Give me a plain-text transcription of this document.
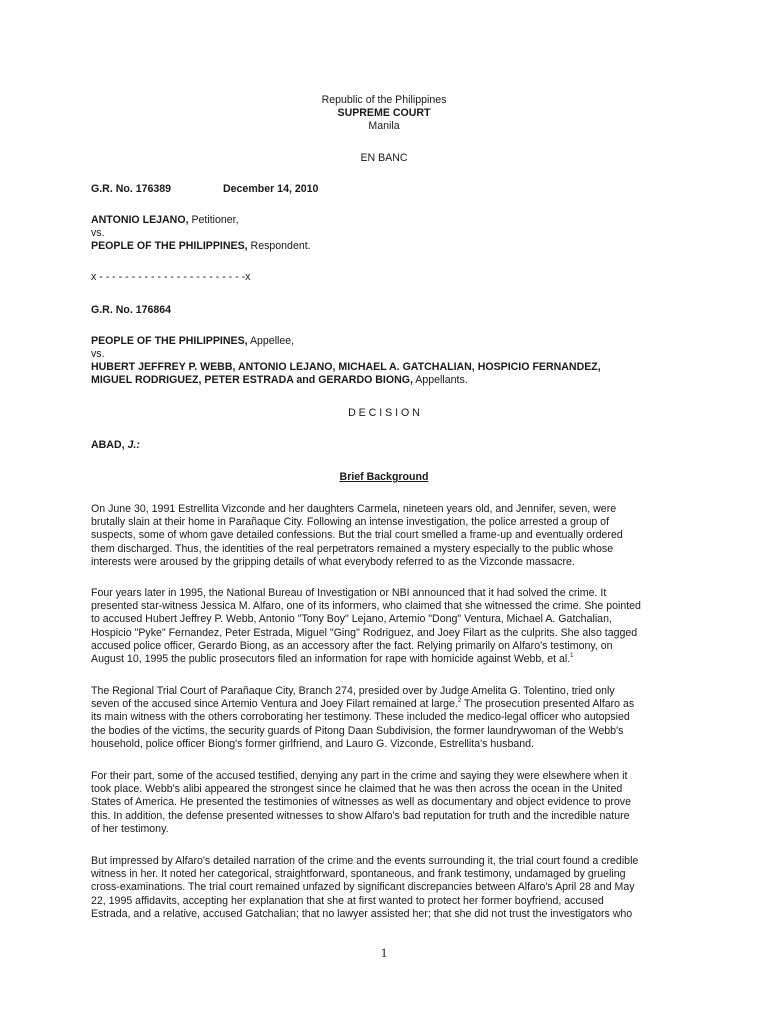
Republic of the Philippines
SUPREME COURT
Manila
EN BANC
G.R. No. 176389	December 14, 2010
ANTONIO LEJANO, Petitioner,
vs.
PEOPLE OF THE PHILIPPINES, Respondent.
x - - - - - - - - - - - - - - - - - - - - - - -x
G.R. No. 176864
PEOPLE OF THE PHILIPPINES, Appellee,
vs.
HUBERT JEFFREY P. WEBB, ANTONIO LEJANO, MICHAEL A. GATCHALIAN, HOSPICIO FERNANDEZ,
MIGUEL RODRIGUEZ, PETER ESTRADA and GERARDO BIONG, Appellants.
D E C I S I O N
ABAD, J.:
Brief Background

On June 30, 1991 Estrellita Vizconde and her daughters Carmela, nineteen years old, and Jennifer, seven, were

brutally slain at their home in Parañaque City. Following an intense investigation, the police arrested a group of

suspects, some of whom gave detailed confessions. But the trial court smelled a frame-up and eventually ordered

them discharged. Thus, the identities of the real perpetrators remained a mystery especially to the public whose

interests were aroused by the gripping details of what everybody referred to as the Vizconde massacre.

Four years later in 1995, the National Bureau of Investigation or NBI announced that it had solved the crime. It

presented star-witness Jessica M. Alfaro, one of its informers, who claimed that she witnessed the crime. She pointed

to accused Hubert Jeffrey P. Webb, Antonio "Tony Boy" Lejano, Artemio "Dong" Ventura, Michael A. Gatchalian,

Hospicio "Pyke" Fernandez, Peter Estrada, Miguel "Ging" Rodriguez, and Joey Filart as the culprits. She also tagged

accused police officer, Gerardo Biong, as an accessory after the fact. Relying primarily on Alfaro's testimony, on

August 10, 1995 the public prosecutors filed an information for rape with homicide against Webb, et al.$^1$

The Regional Trial Court of Parañaque City, Branch 274, presided over by Judge Amelita G. Tolentino, tried only

seven of the accused since Artemio Ventura and Joey Filart remained at large.$^2$ The prosecution presented Alfaro as

its main witness with the others corroborating her testimony. These included the medico-legal officer who autopsied

the bodies of the victims, the security guards of Pitong Daan Subdivision, the former laundrywoman of the Webb's

household, police officer Biong's former girlfriend, and Lauro G. Vizconde, Estrellita's husband.

For their part, some of the accused testified, denying any part in the crime and saying they were elsewhere when it

took place. Webb's alibi appeared the strongest since he claimed that he was then across the ocean in the United

States of America. He presented the testimonies of witnesses as well as documentary and object evidence to prove

this. In addition, the defense presented witnesses to show Alfaro's bad reputation for truth and the incredible nature

of her testimony.

But impressed by Alfaro's detailed narration of the crime and the events surrounding it, the trial court found a credible

witness in her. It noted her categorical, straightforward, spontaneous, and frank testimony, undamaged by grueling

cross-examinations. The trial court remained unfazed by significant discrepancies between Alfaro's April 28 and May

22, 1995 affidavits, accepting her explanation that she at first wanted to protect her former boyfriend, accused

Estrada, and a relative, accused Gatchalian; that no lawyer assisted her; that she did not trust the investigators who

1
